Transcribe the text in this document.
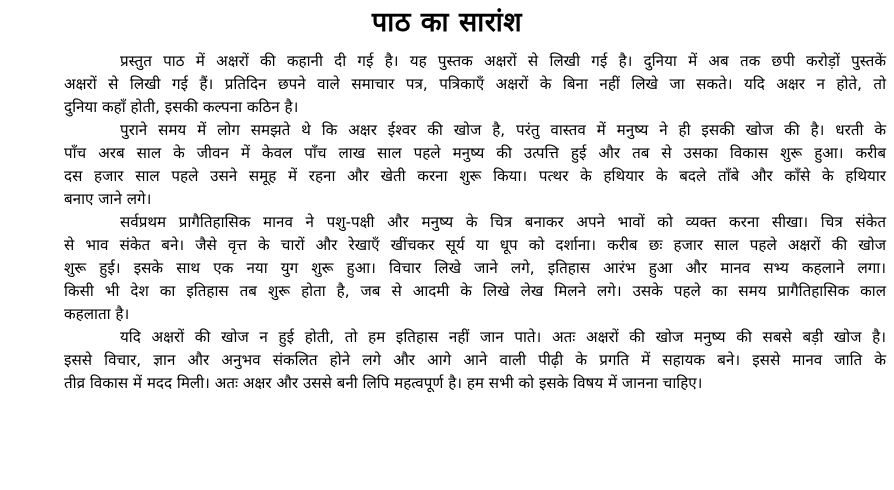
पाठ का सारांश
प्रस्तुत पाठ में अक्षरों की कहानी दी गई है। यह पुस्तक अक्षरों से लिखी गई है। दुनिया में अब तक छपी करोड़ों पुस्तकें
अक्षरों से लिखी गई हैं। प्रतिदिन छपने वाले समाचार पत्र, पत्रिकाएँ अक्षरों के बिना नहीं लिखे जा सकते। यदि अक्षर न होते, तो
दुनिया कहाँ होती, इसकी कल्पना कठिन है।
पुराने समय में लोग समझते थे कि अक्षर ईश्वर की खोज है, परंतु वास्तव में मनुष्य ने ही इसकी खोज की है। धरती के
पाँच अरब साल के जीवन में केवल पाँच लाख साल पहले मनुष्य की उत्पत्ति हुई और तब से उसका विकास शुरू हुआ। करीब
दस हजार साल पहले उसने समूह में रहना और खेती करना शुरू किया। पत्थर के हथियार के बदले ताँबे और काँसे के हथियार
बनाए जाने लगे।
सर्वप्रथम प्रागैतिहासिक मानव ने पशु-पक्षी और मनुष्य के चित्र बनाकर अपने भावों को व्यक्त करना सीखा। चित्र संकेत
से भाव संकेत बने। जैसे वृत्त के चारों और रेखाएँ खींचकर सूर्य या धूप को दर्शाना। करीब छः हजार साल पहले अक्षरों की खोज
शुरू हुई। इसके साथ एक नया युग शुरू हुआ। विचार लिखे जाने लगे, इतिहास आरंभ हुआ और मानव सभ्य कहलाने लगा।
किसी भी देश का इतिहास तब शुरू होता है, जब से आदमी के लिखे लेख मिलने लगे। उसके पहले का समय प्रागैतिहासिक काल
कहलाता है।
यदि अक्षरों की खोज न हुई होती, तो हम इतिहास नहीं जान पाते। अतः अक्षरों की खोज मनुष्य की सबसे बड़ी खोज है।
इससे विचार, ज्ञान और अनुभव संकलित होने लगे और आगे आने वाली पीढ़ी के प्रगति में सहायक बने। इससे मानव जाति के
तीव्र विकास में मदद मिली। अतः अक्षर और उससे बनी लिपि महत्वपूर्ण है। हम सभी को इसके विषय में जानना चाहिए।
